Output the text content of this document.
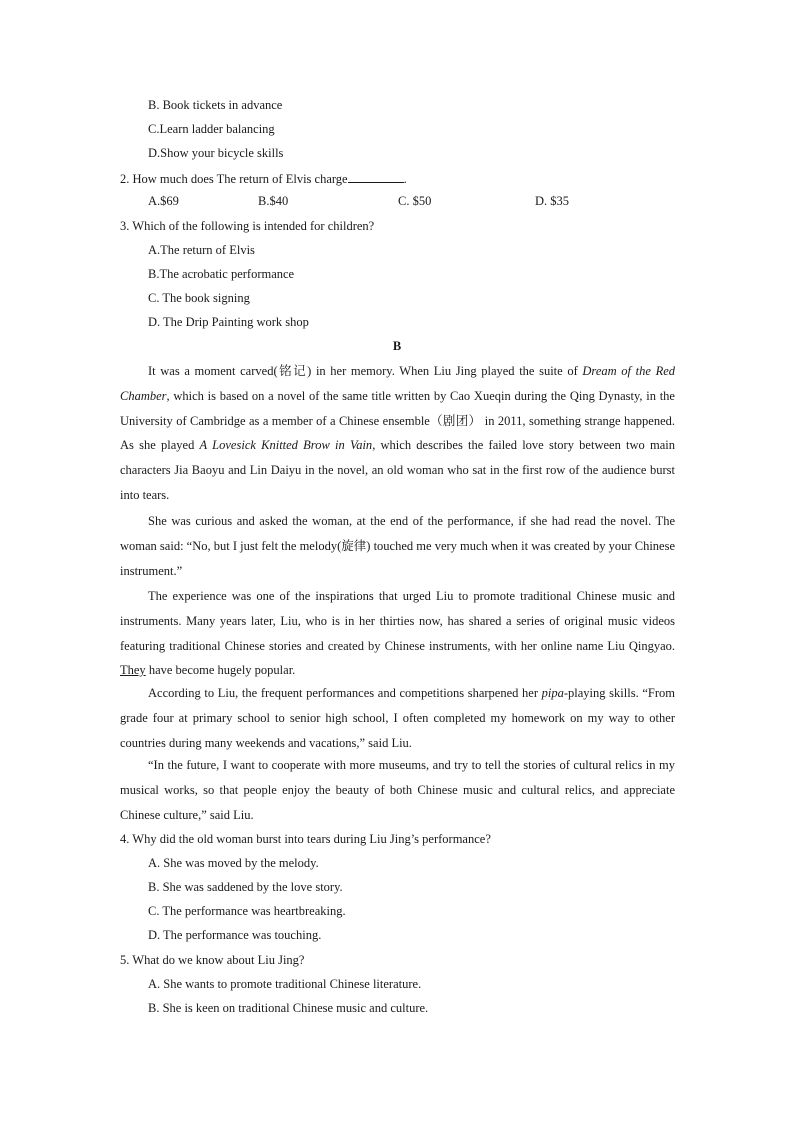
B. Book tickets in advance
C.Learn ladder balancing
D.Show your bicycle skills
2. How much does The return of Elvis charge	.
A.$69	B.$40	C. $50	D. $35
3. Which of the following is intended for children?
A.The return of Elvis
B.The acrobatic performance
C. The book signing
D. The Drip Painting work shop
B
It was a moment carved(铭记) in her memory. When Liu Jing played the suite of Dream of the Red Chamber, which is based on a novel of the same title written by Cao Xueqin during the Qing Dynasty, in the University of Cambridge as a member of a Chinese ensemble（剧团） in 2011, something strange happened. As she played A Lovesick Knitted Brow in Vain, which describes the failed love story between two main characters Jia Baoyu and Lin Daiyu in the novel, an old woman who sat in the first row of the audience burst into tears.
She was curious and asked the woman, at the end of the performance, if she had read the novel. The woman said: “No, but I just felt the melody(旋律) touched me very much when it was created by your Chinese instrument.”
The experience was one of the inspirations that urged Liu to promote traditional Chinese music and instruments. Many years later, Liu, who is in her thirties now, has shared a series of original music videos featuring traditional Chinese stories and created by Chinese instruments, with her online name Liu Qingyao. They have become hugely popular.
According to Liu, the frequent performances and competitions sharpened her pipa-playing skills. “From grade four at primary school to senior high school, I often completed my homework on my way to other countries during many weekends and vacations,” said Liu.
“In the future, I want to cooperate with more museums, and try to tell the stories of cultural relics in my musical works, so that people enjoy the beauty of both Chinese music and cultural relics, and appreciate Chinese culture,” said Liu.
4. Why did the old woman burst into tears during Liu Jing’s performance?
A. She was moved by the melody.
B. She was saddened by the love story.
C. The performance was heartbreaking.
D. The performance was touching.
5. What do we know about Liu Jing?
A. She wants to promote traditional Chinese literature.
B. She is keen on traditional Chinese music and culture.
